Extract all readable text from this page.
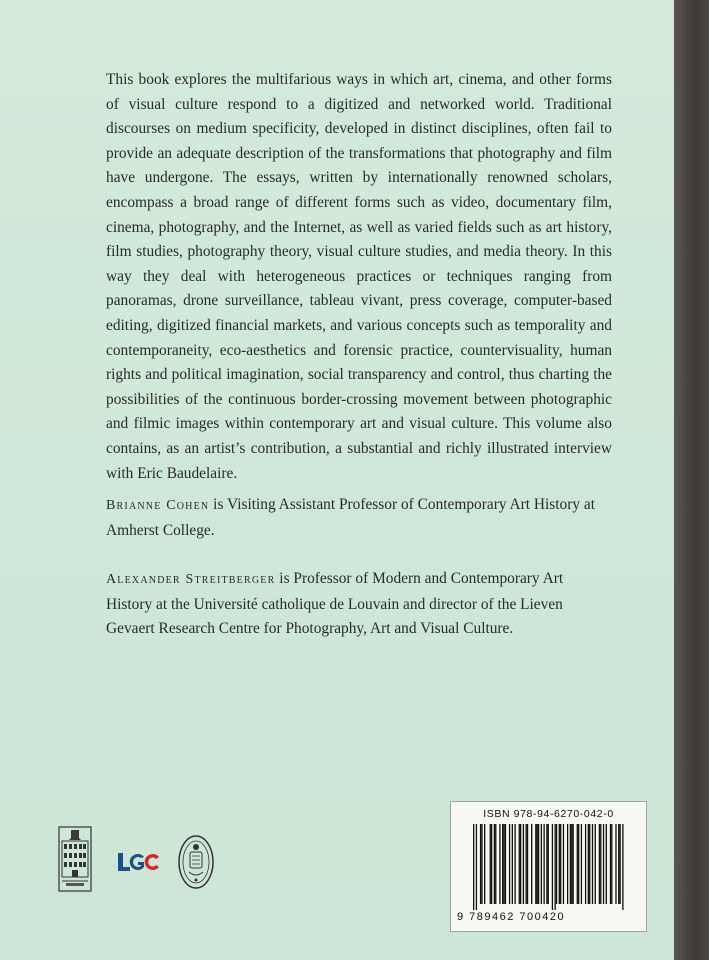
This book explores the multifarious ways in which art, cinema, and other forms of visual culture respond to a digitized and networked world. Traditional discourses on medium specificity, developed in distinct disciplines, often fail to provide an adequate description of the transformations that photography and film have undergone. The essays, written by internationally renowned scholars, encompass a broad range of different forms such as video, documentary film, cinema, photography, and the Internet, as well as varied fields such as art history, film studies, photography theory, visual culture studies, and media theory. In this way they deal with heterogeneous practices or techniques ranging from panoramas, drone surveillance, tableau vivant, press coverage, computer-based editing, digitized financial markets, and various concepts such as temporality and contemporaneity, eco-aesthetics and forensic practice, countervisuality, human rights and political imagination, social transparency and control, thus charting the possibilities of the continuous border-crossing movement between photographic and filmic images within contemporary art and visual culture. This volume also contains, as an artist’s contribution, a substantial and richly illustrated interview with Eric Baudelaire.

Brianne Cohen is Visiting Assistant Professor of Contemporary Art History at Amherst College.

Alexander Streitberger is Professor of Modern and Contemporary Art History at the Université catholique de Louvain and director of the Lieven Gevaert Research Centre for Photography, Art and Visual Culture.

ISBN 978-94-6270-042-0
9 789462 700420
